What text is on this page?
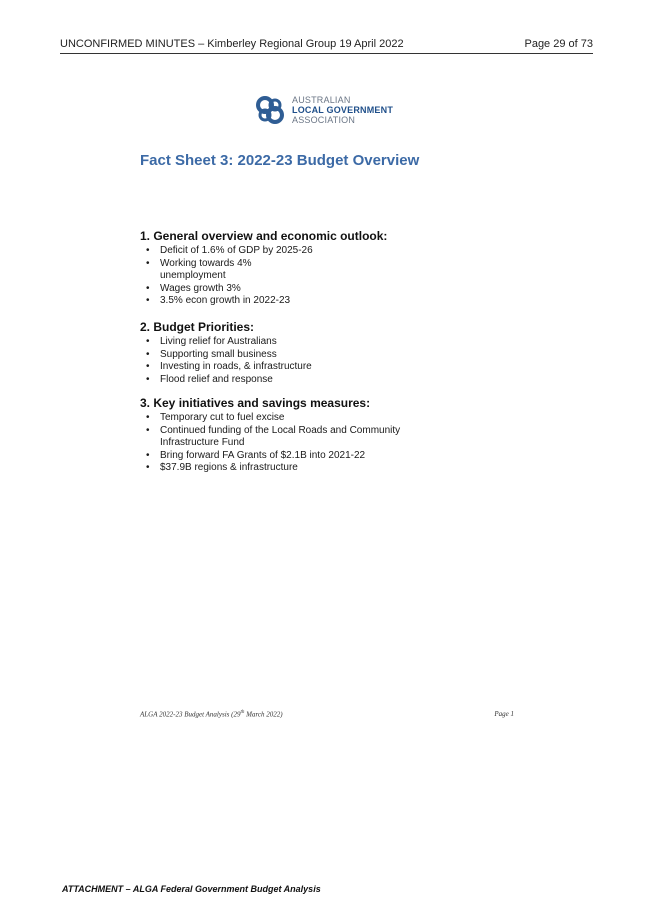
UNCONFIRMED MINUTES – Kimberley Regional Group 19 April 2022	Page 29 of 73
AUSTRALIAN
LOCAL GOVERNMENT
ASSOCIATION
Fact Sheet 3: 2022-23 Budget Overview
1. General overview and economic outlook:
• Deficit of 1.6% of GDP by 2025-26
• Working towards 4% unemployment
• Wages growth 3%
• 3.5% econ growth in 2022-23
2. Budget Priorities:
• Living relief for Australians
• Supporting small business
• Investing in roads, & infrastructure
• Flood relief and response
3. Key initiatives and savings measures:
• Temporary cut to fuel excise
• Continued funding of the Local Roads and Community Infrastructure Fund
• Bring forward FA Grants of $2.1B into 2021-22
• $37.9B regions & infrastructure
ALGA 2022-23 Budget Analysis (29th March 2022)	Page 1
ATTACHMENT – ALGA Federal Government Budget Analysis
